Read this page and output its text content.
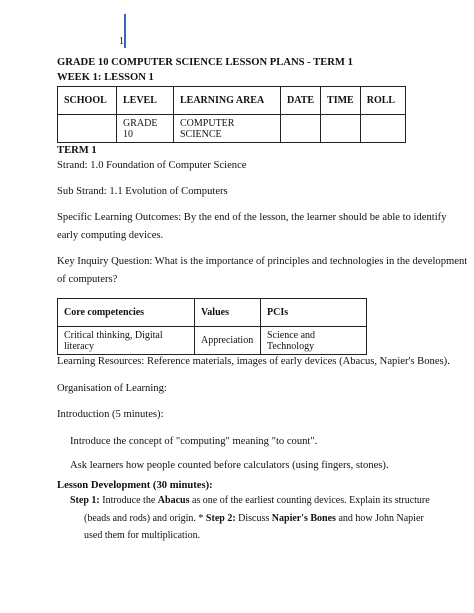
1
GRADE 10 COMPUTER SCIENCE LESSON PLANS - TERM 1
WEEK 1: LESSON 1
SCHOOL	LEVEL	LEARNING AREA	DATE	TIME	ROLL
	GRADE 10	COMPUTER SCIENCE			
TERM 1
Strand: 1.0 Foundation of Computer Science
Sub Strand: 1.1 Evolution of Computers
Specific Learning Outcomes: By the end of the lesson, the learner should be able to identify
early computing devices.
Key Inquiry Question: What is the importance of principles and technologies in the development
of computers?
Core competencies	Values	PCIs
Critical thinking, Digital literacy	Appreciation	Science and Technology
Learning Resources: Reference materials, images of early devices (Abacus, Napier's Bones).
Organisation of Learning:
Introduction (5 minutes):
Introduce the concept of "computing" meaning "to count".
Ask learners how people counted before calculators (using fingers, stones).
Lesson Development (30 minutes):
Step 1: Introduce the Abacus as one of the earliest counting devices. Explain its structure
(beads and rods) and origin. * Step 2: Discuss Napier's Bones and how John Napier
used them for multiplication.
